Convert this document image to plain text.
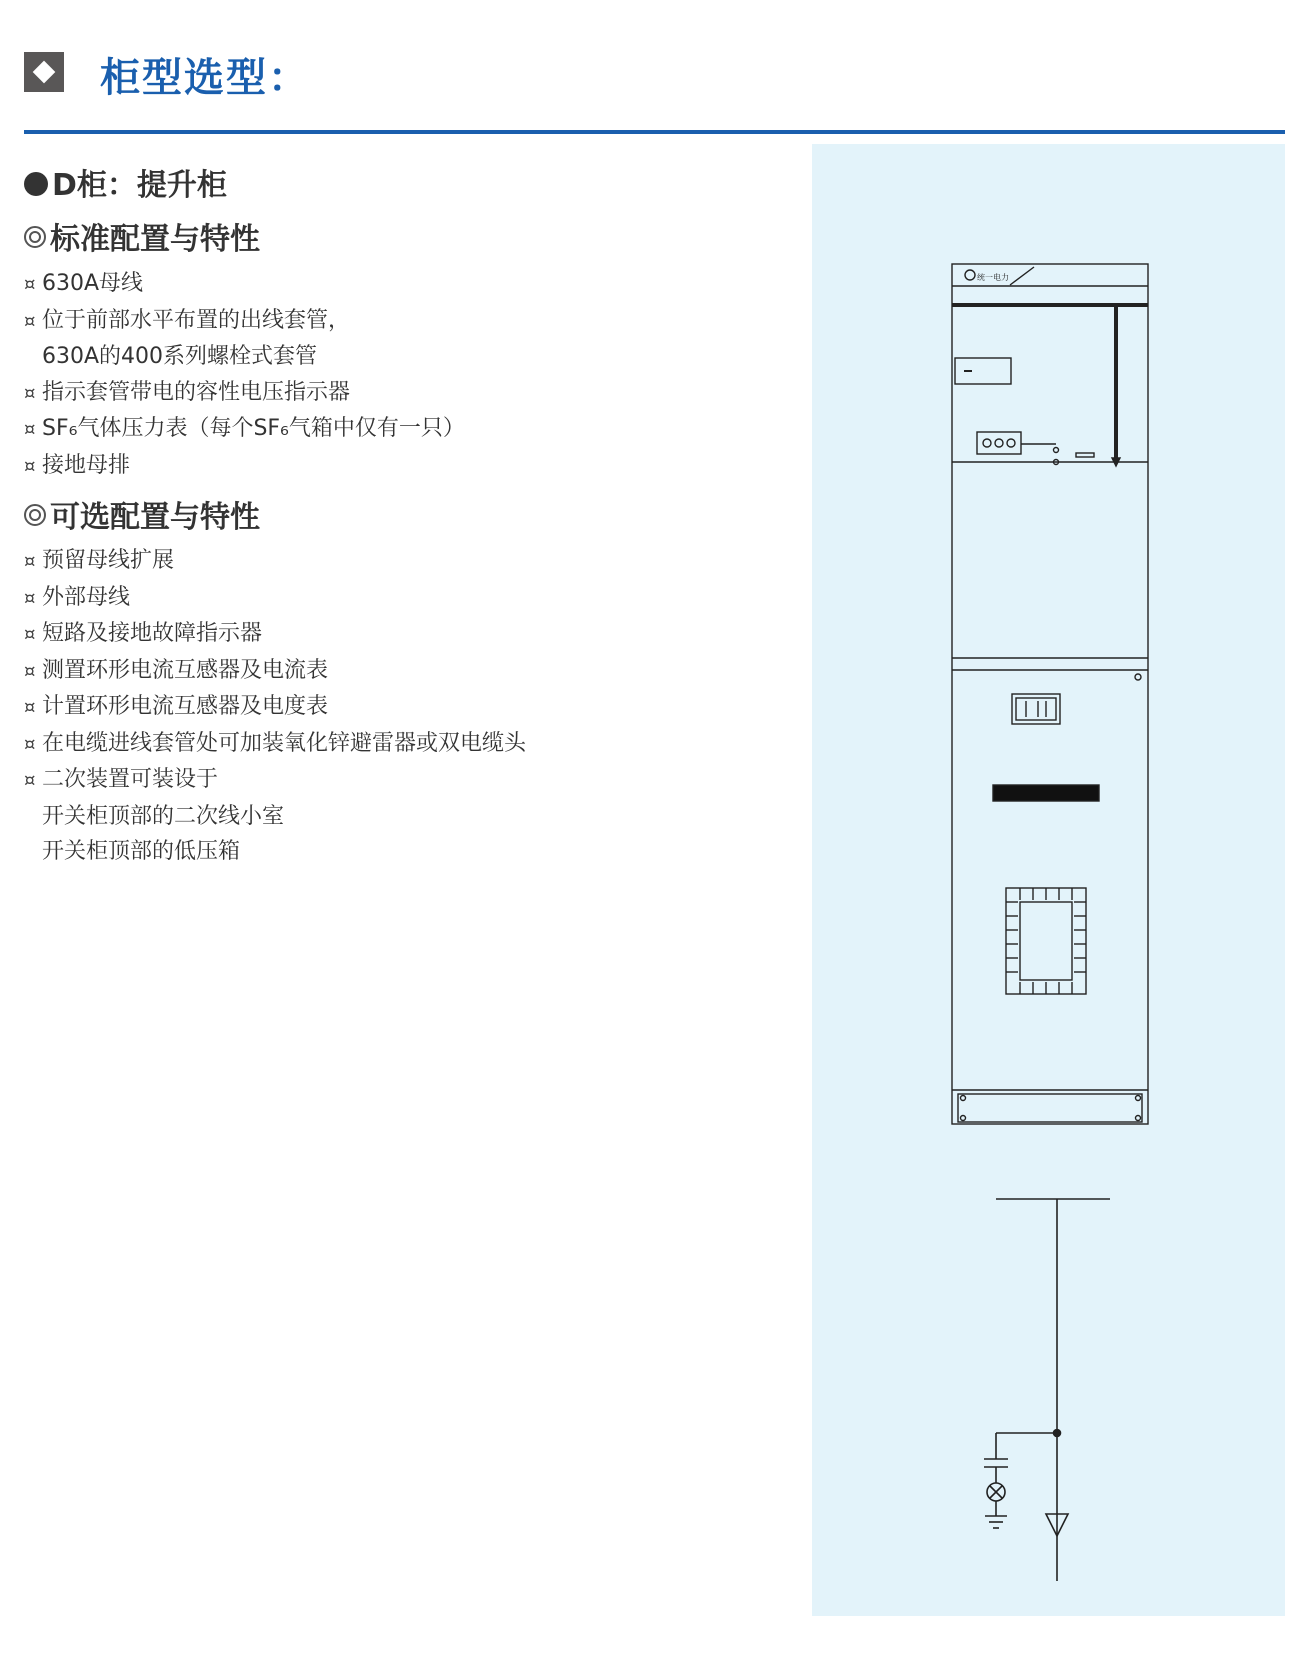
柜型选型：
D柜：提升柜
标准配置与特性
¤ 630A母线
¤ 位于前部水平布置的出线套管，
630A的400系列螺栓式套管
¤ 指示套管带电的容性电压指示器
¤ SF₆气体压力表（每个SF₆气箱中仅有一只）
¤ 接地母排
可选配置与特性
¤ 预留母线扩展
¤ 外部母线
¤ 短路及接地故障指示器
¤ 测置环形电流互感器及电流表
¤ 计置环形电流互感器及电度表
¤ 在电缆进线套管处可加装氧化锌避雷器或双电缆头
¤ 二次装置可装设于
开关柜顶部的二次线小室
开关柜顶部的低压箱
统一电力
